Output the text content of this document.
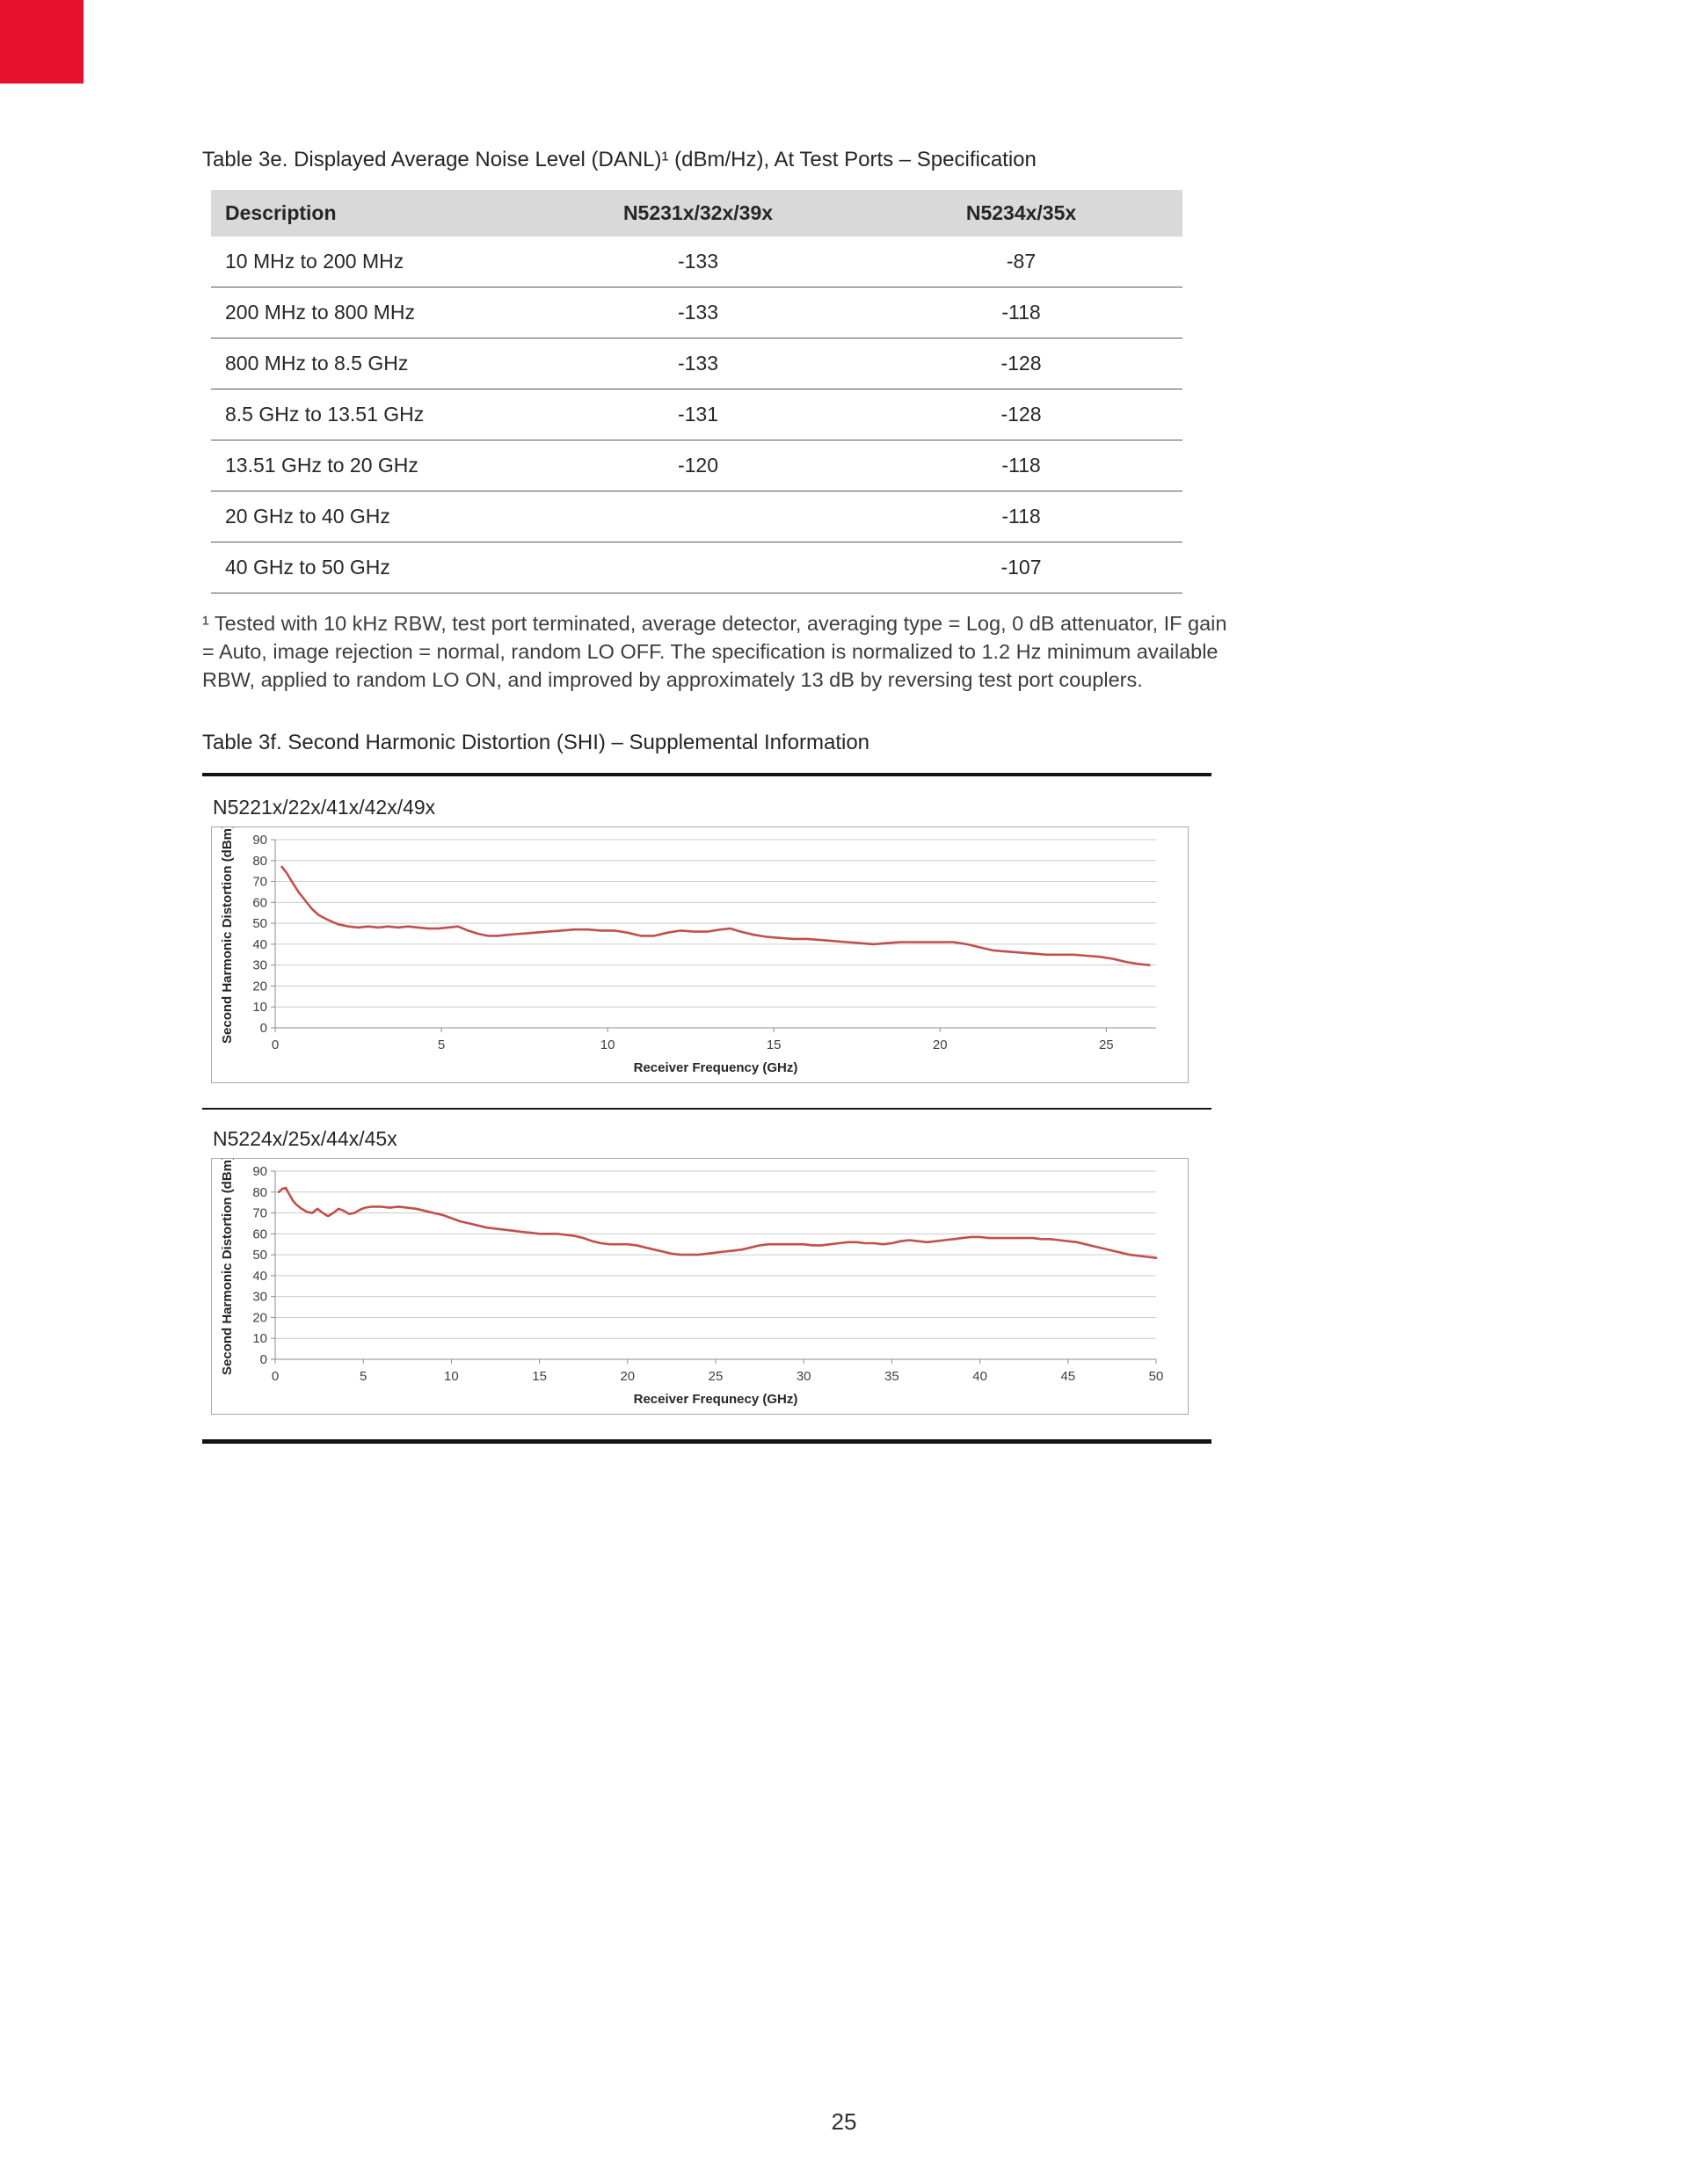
Table 3e. Displayed Average Noise Level (DANL)¹ (dBm/Hz), At Test Ports – Specification

Description	N5231x/32x/39x	N5234x/35x
10 MHz to 200 MHz	-133	-87
200 MHz to 800 MHz	-133	-118
800 MHz to 8.5 GHz	-133	-128
8.5 GHz to 13.51 GHz	-131	-128
13.51 GHz to 20 GHz	-120	-118
20 GHz to 40 GHz		-118
40 GHz to 50 GHz		-107

¹ Tested with 10 kHz RBW, test port terminated, average detector, averaging type = Log, 0 dB attenuator, IF gain = Auto, image rejection = normal, random LO OFF. The specification is normalized to 1.2 Hz minimum available RBW, applied to random LO ON, and improved by approximately 13 dB by reversing test port couplers.

Table 3f. Second Harmonic Distortion (SHI) – Supplemental Information

N5221x/22x/41x/42x/49x

0
10
20
30
40
50
60
70
80
90
0	5	10	15	20	25
Receiver Frequency (GHz)
Second Harmonic Distortion (dBm)

N5224x/25x/44x/45x

0
10
20
30
40
50
60
70
80
90
0	5	10	15	20	25	30	35	40	45	50
Receiver Frequnecy (GHz)
Second Harmonic Distortion (dBm)
25
